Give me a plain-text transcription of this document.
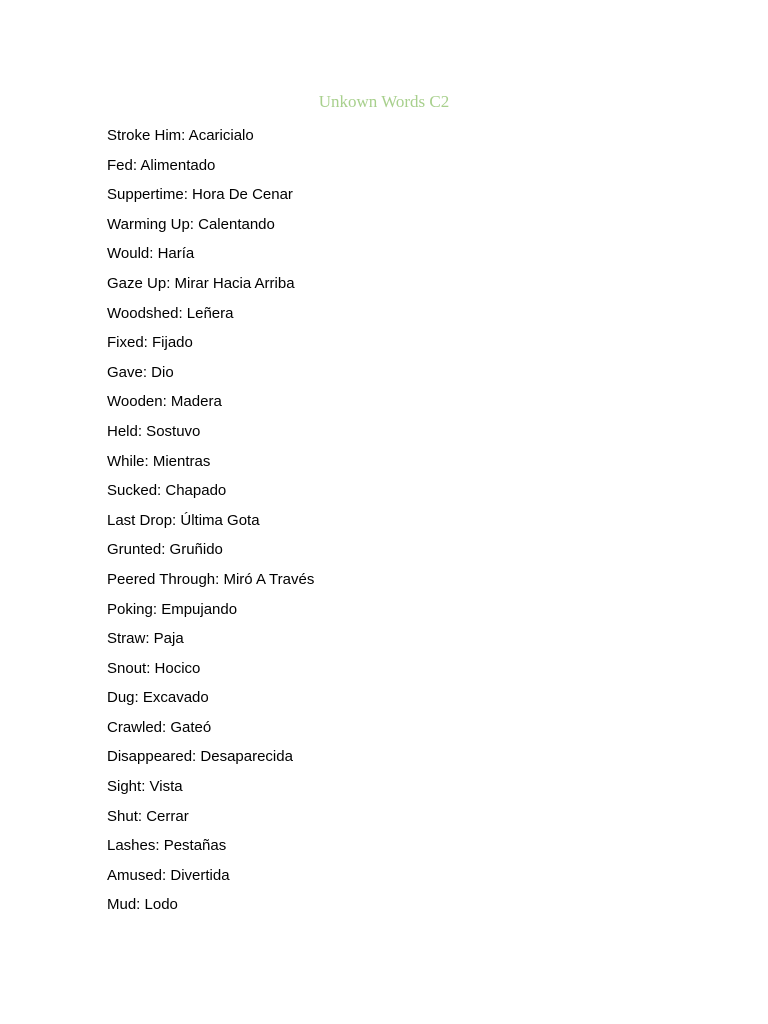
Unkown Words C2
Stroke Him: Acaricialo
Fed: Alimentado
Suppertime: Hora De Cenar
Warming Up: Calentando
Would: Haría
Gaze Up: Mirar Hacia Arriba
Woodshed: Leñera
Fixed: Fijado
Gave: Dio
Wooden: Madera
Held: Sostuvo
While: Mientras
Sucked: Chapado
Last Drop: Última Gota
Grunted: Gruñido
Peered Through: Miró A Través
Poking: Empujando
Straw: Paja
Snout: Hocico
Dug: Excavado
Crawled: Gateó
Disappeared: Desaparecida
Sight: Vista
Shut: Cerrar
Lashes: Pestañas
Amused: Divertida
Mud: Lodo
